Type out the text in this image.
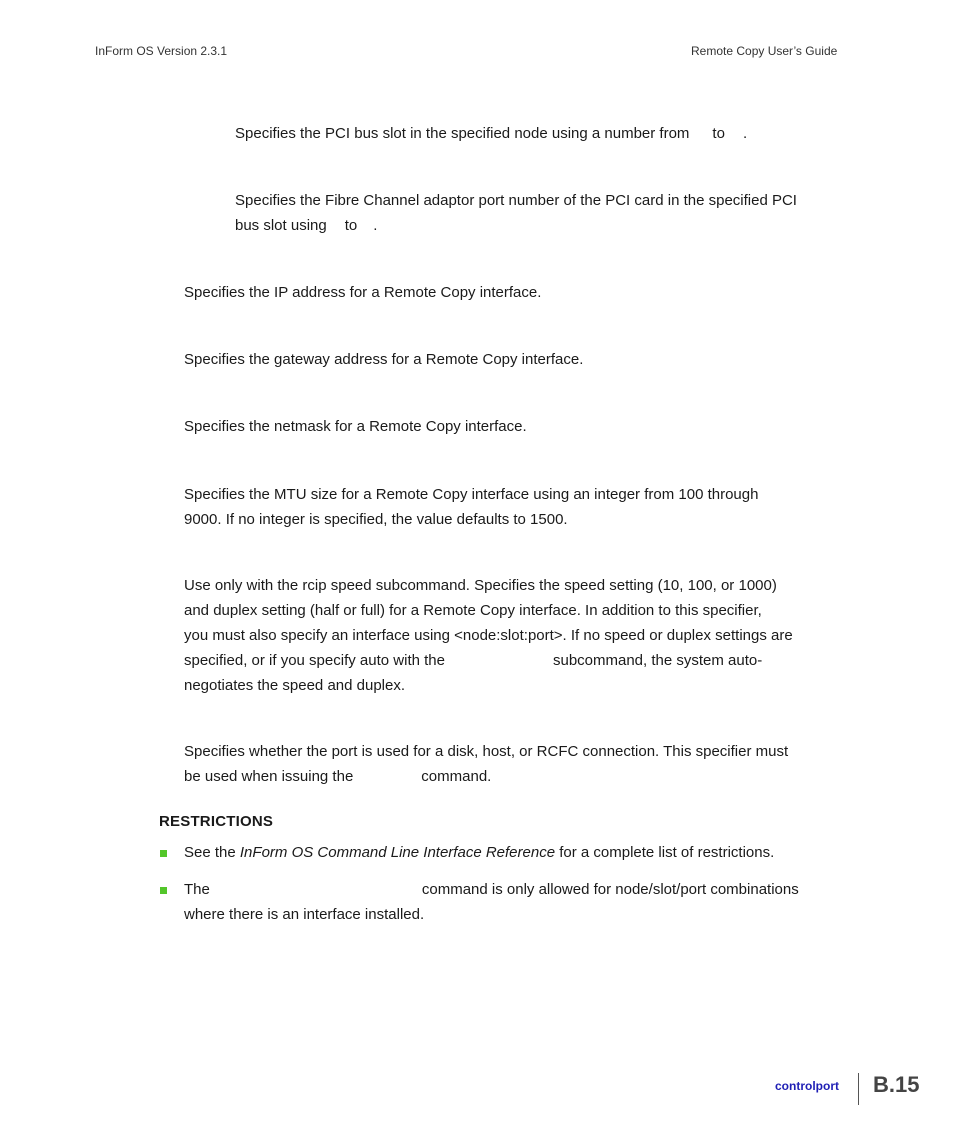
InForm OS Version 2.3.1	Remote Copy User’s Guide

Specifies the PCI bus slot in the specified node using a number from to .

Specifies the Fibre Channel adaptor port number of the PCI card in the specified PCI
bus slot using to .

Specifies the IP address for a Remote Copy interface.

Specifies the gateway address for a Remote Copy interface.

Specifies the netmask for a Remote Copy interface.

Specifies the MTU size for a Remote Copy interface using an integer from 100 through
9000. If no integer is specified, the value defaults to 1500.

Use only with the rcip speed subcommand. Specifies the speed setting (10, 100, or 1000)
and duplex setting (half or full) for a Remote Copy interface. In addition to this specifier,
you must also specify an interface using <node:slot:port>. If no speed or duplex settings are
specified, or if you specify auto with the	subcommand, the system auto-
negotiates the speed and duplex.

Specifies whether the port is used for a disk, host, or RCFC connection. This specifier must
be used when issuing the	command.

RESTRICTIONS

See the InForm OS Command Line Interface Reference for a complete list of restrictions.

The	command is only allowed for node/slot/port combinations
where there is an interface installed.

controlport B.15
